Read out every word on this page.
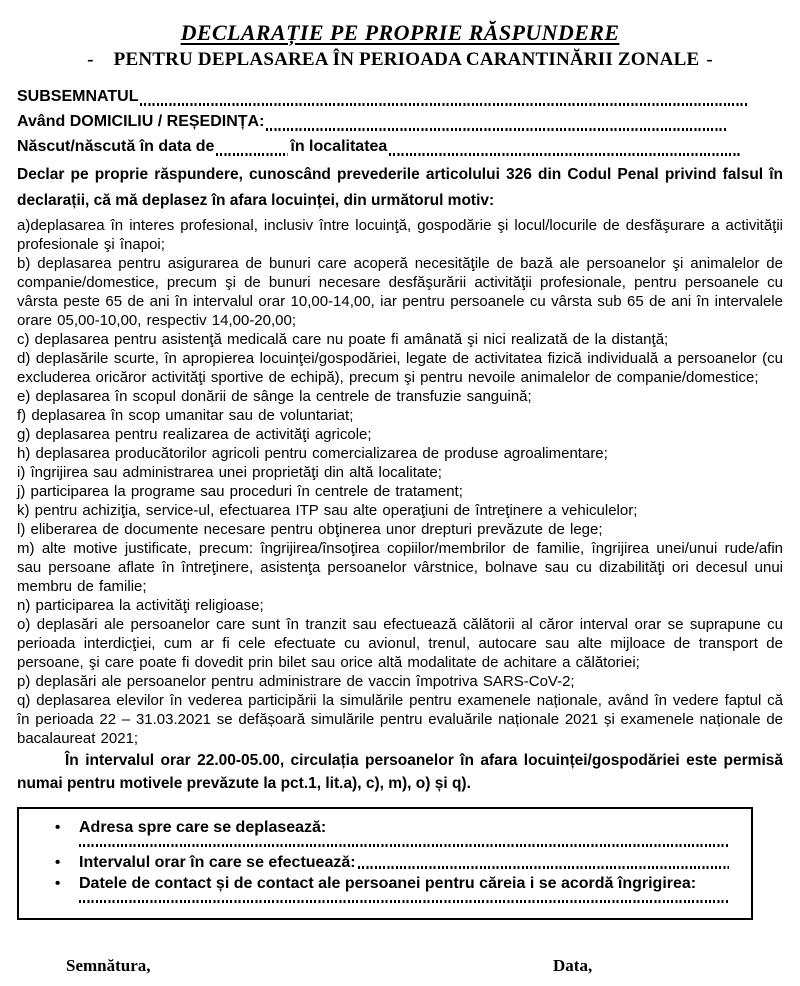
DECLARAȚIE PE PROPRIE RĂSPUNDERE
- PENTRU DEPLASAREA ÎN PERIOADA CARANTINĂRII ZONALE -
SUBSEMNATUL
Având DOMICILIU / REȘEDINȚA:
Născut/născută în data de	în localitatea

Declar pe proprie răspundere, cunoscând prevederile articolului 326 din Codul Penal privind falsul în declarații, că mă deplasez în afara locuinței, din următorul motiv:

a)deplasarea în interes profesional, inclusiv între locuinţă, gospodărie şi locul/locurile de desfăşurare a activităţii profesionale şi înapoi;

b) deplasarea pentru asigurarea de bunuri care acoperă necesităţile de bază ale persoanelor şi animalelor de companie/domestice, precum şi de bunuri necesare desfăşurării activităţii profesionale, pentru persoanele cu vârsta peste 65 de ani în intervalul orar 10,00-14,00, iar pentru persoanele cu vârsta sub 65 de ani în intervalele orare 05,00-10,00, respectiv 14,00-20,00;

c) deplasarea pentru asistenţă medicală care nu poate fi amânată şi nici realizată de la distanţă;

d) deplasările scurte, în apropierea locuinţei/gospodăriei, legate de activitatea fizică individuală a persoanelor (cu excluderea oricăror activităţi sportive de echipă), precum şi pentru nevoile animalelor de companie/domestice;

e) deplasarea în scopul donării de sânge la centrele de transfuzie sanguină;

f) deplasarea în scop umanitar sau de voluntariat;

g) deplasarea pentru realizarea de activităţi agricole;

h) deplasarea producătorilor agricoli pentru comercializarea de produse agroalimentare;

i) îngrijirea sau administrarea unei proprietăţi din altă localitate;

j) participarea la programe sau proceduri în centrele de tratament;

k) pentru achiziţia, service-ul, efectuarea ITP sau alte operaţiuni de întreţinere a vehiculelor;

l) eliberarea de documente necesare pentru obţinerea unor drepturi prevăzute de lege;

m) alte motive justificate, precum: îngrijirea/însoţirea copiilor/membrilor de familie, îngrijirea unei/unui rude/afin sau persoane aflate în întreţinere, asistenţa persoanelor vârstnice, bolnave sau cu dizabilităţi ori decesul unui membru de familie;

n) participarea la activităţi religioase;

o) deplasări ale persoanelor care sunt în tranzit sau efectuează călătorii al căror interval orar se suprapune cu perioada interdicţiei, cum ar fi cele efectuate cu avionul, trenul, autocare sau alte mijloace de transport de persoane, şi care poate fi dovedit prin bilet sau orice altă modalitate de achitare a călătoriei;

p) deplasări ale persoanelor pentru administrare de vaccin împotriva SARS-CoV-2;

q) deplasarea elevilor în vederea participării la simulările pentru examenele naționale, având în vedere faptul că în perioada 22 – 31.03.2021 se defășoară simulările pentru evaluările naționale 2021 și examenele naționale de bacalaureat 2021;

În intervalul orar 22.00-05.00, circulația persoanelor în afara locuinței/gospodăriei este permisă numai pentru motivele prevăzute la pct.1, lit.a), c), m), o) și q).

•	Adresa spre care se deplasează:
•	Intervalul orar în care se efectuează:
•	Datele de contact și de contact ale persoanei pentru căreia i se acordă îngrigirea:
Semnătura,	Data,
